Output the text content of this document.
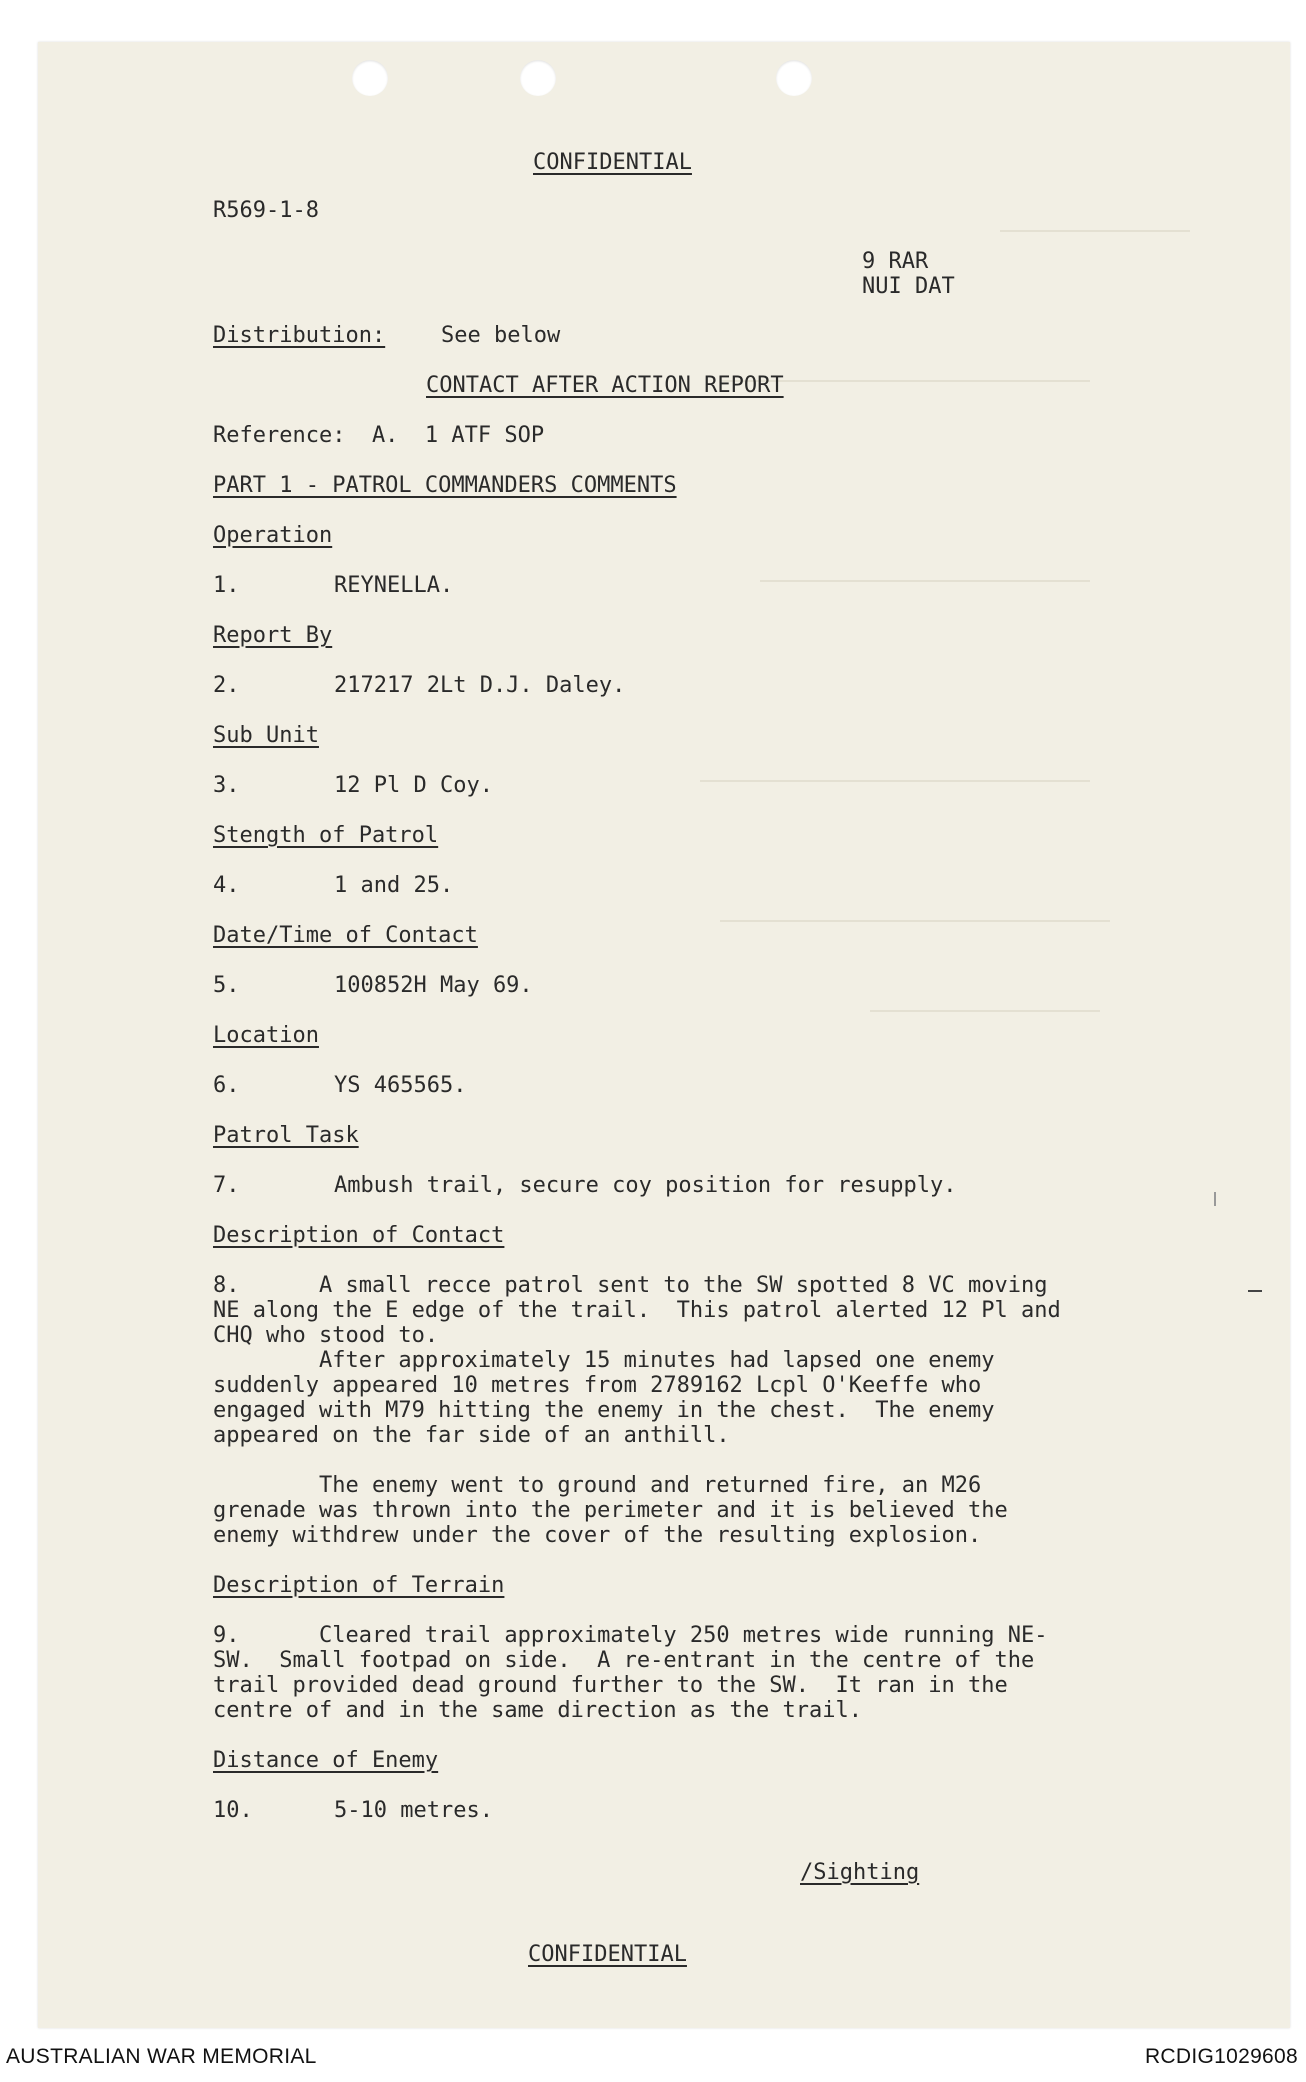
CONFIDENTIAL
R569-1-8
9 RAR
NUI DAT
Distribution:	See below
CONTACT AFTER ACTION REPORT
Reference:  A.  1 ATF SOP
PART 1 - PATROL COMMANDERS COMMENTS
Operation
1.	REYNELLA.
Report By
2.	217217 2Lt D.J. Daley.
Sub Unit
3.	12 Pl D Coy.
Stength of Patrol
4.	1 and 25.
Date/Time of Contact
5.	100852H May 69.
Location
6.	YS 465565.
Patrol Task
7.	Ambush trail, secure coy position for resupply.
Description of Contact
8.      A small recce patrol sent to the SW spotted 8 VC moving
NE along the E edge of the trail.  This patrol alerted 12 Pl and
CHQ who stood to.
After approximately 15 minutes had lapsed one enemy
suddenly appeared 10 metres from 2789162 Lcpl O'Keeffe who
engaged with M79 hitting the enemy in the chest.  The enemy
appeared on the far side of an anthill.
The enemy went to ground and returned fire, an M26
grenade was thrown into the perimeter and it is believed the
enemy withdrew under the cover of the resulting explosion.
Description of Terrain
9.      Cleared trail approximately 250 metres wide running NE-
SW.  Small footpad on side.  A re-entrant in the centre of the
trail provided dead ground further to the SW.  It ran in the
centre of and in the same direction as the trail.
Distance of Enemy
10.	5-10 metres.
/Sighting
CONFIDENTIAL
AUSTRALIAN WAR MEMORIAL	RCDIG1029608
